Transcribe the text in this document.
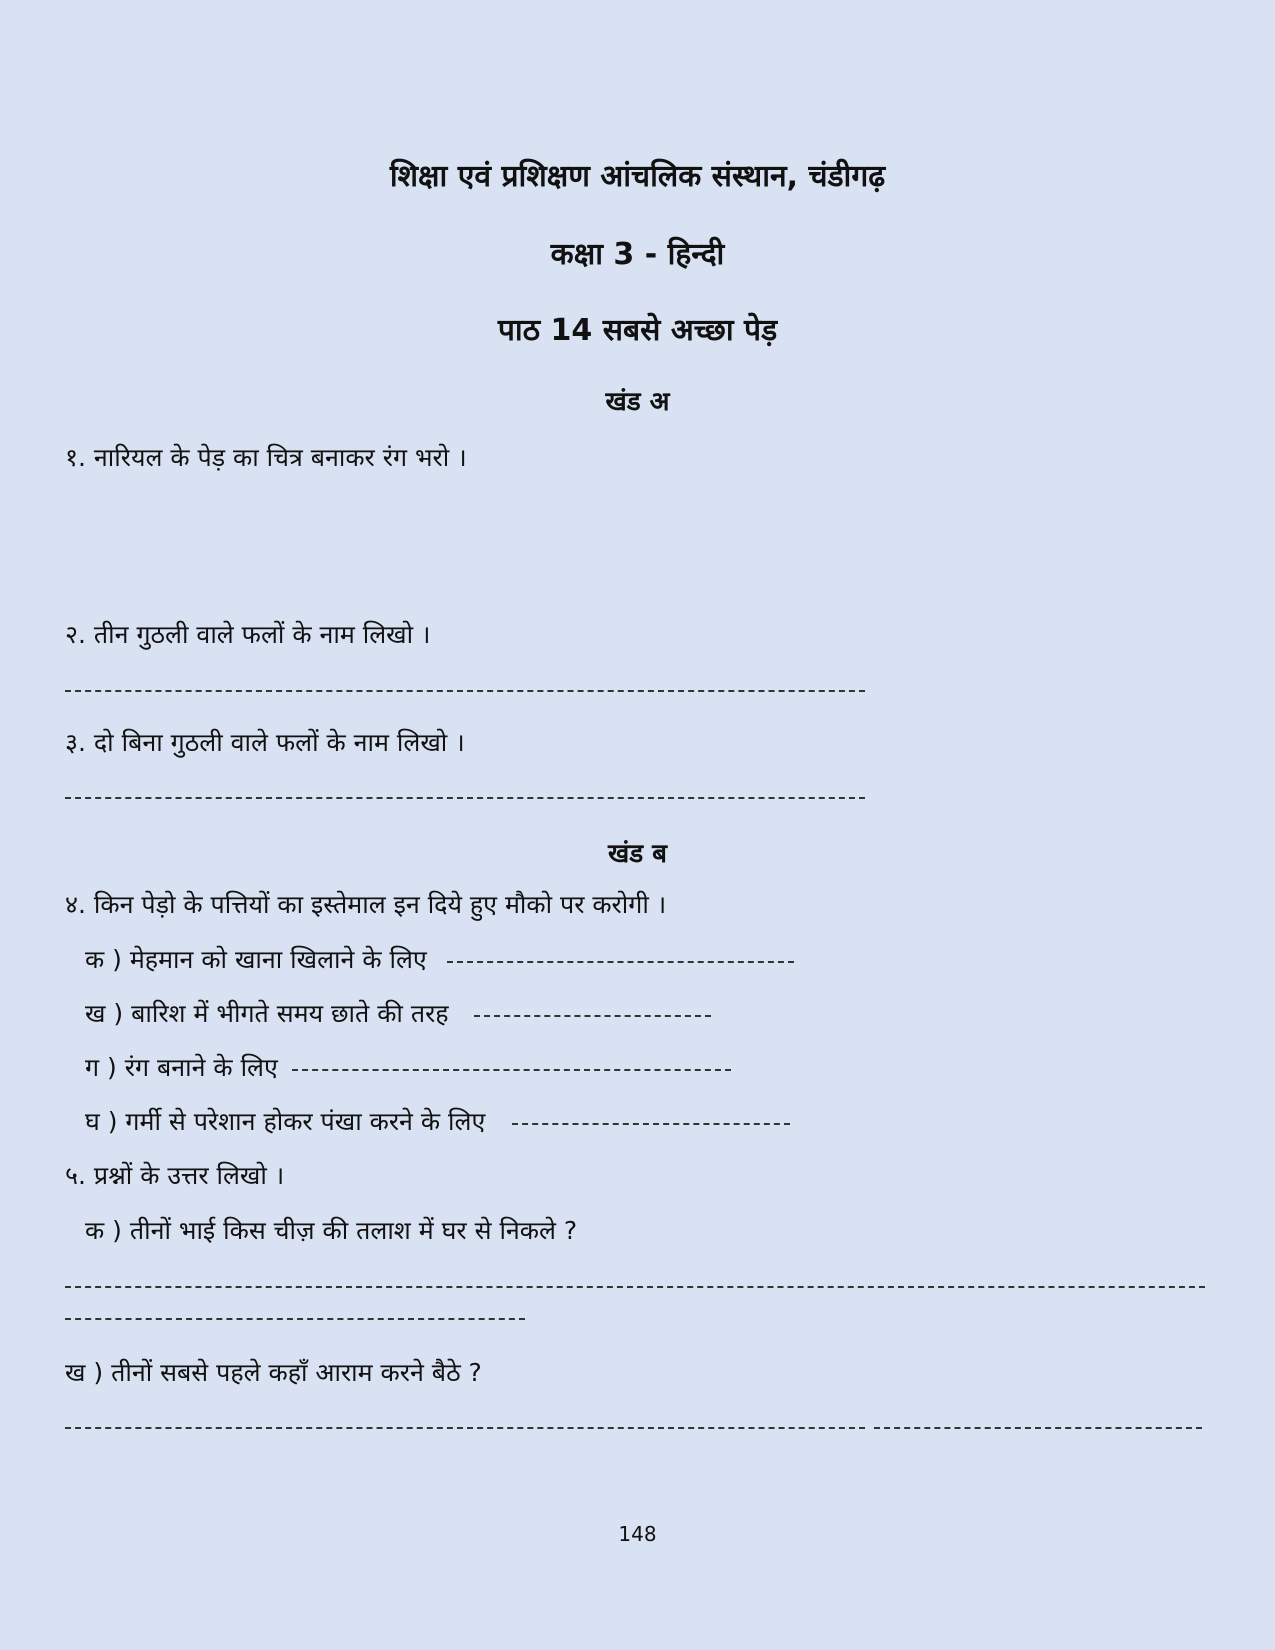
शिक्षा एवं प्रशिक्षण आंचलिक संस्थान, चंडीगढ़
कक्षा 3 - हिन्दी
पाठ 14 सबसे अच्छा पेड़
खंड अ
१. नारियल के पेड़ का चित्र बनाकर रंग भरो ।
२. तीन गुठली वाले फलों के नाम लिखो ।
३. दो बिना गुठली वाले फलों के नाम लिखो ।
खंड ब
४. किन पेड़ो के पत्तियों का इस्तेमाल इन दिये हुए मौको पर करोगी ।
क ) मेहमान को खाना खिलाने के लिए
ख ) बारिश में भीगते समय छाते की तरह
ग ) रंग बनाने के लिए
घ ) गर्मी से परेशान होकर पंखा करने के लिए
५. प्रश्नों के उत्तर लिखो ।
क ) तीनों भाई किस चीज़ की तलाश में घर से निकले ?
ख ) तीनों सबसे पहले कहाँ आराम करने बैठे ?
148
